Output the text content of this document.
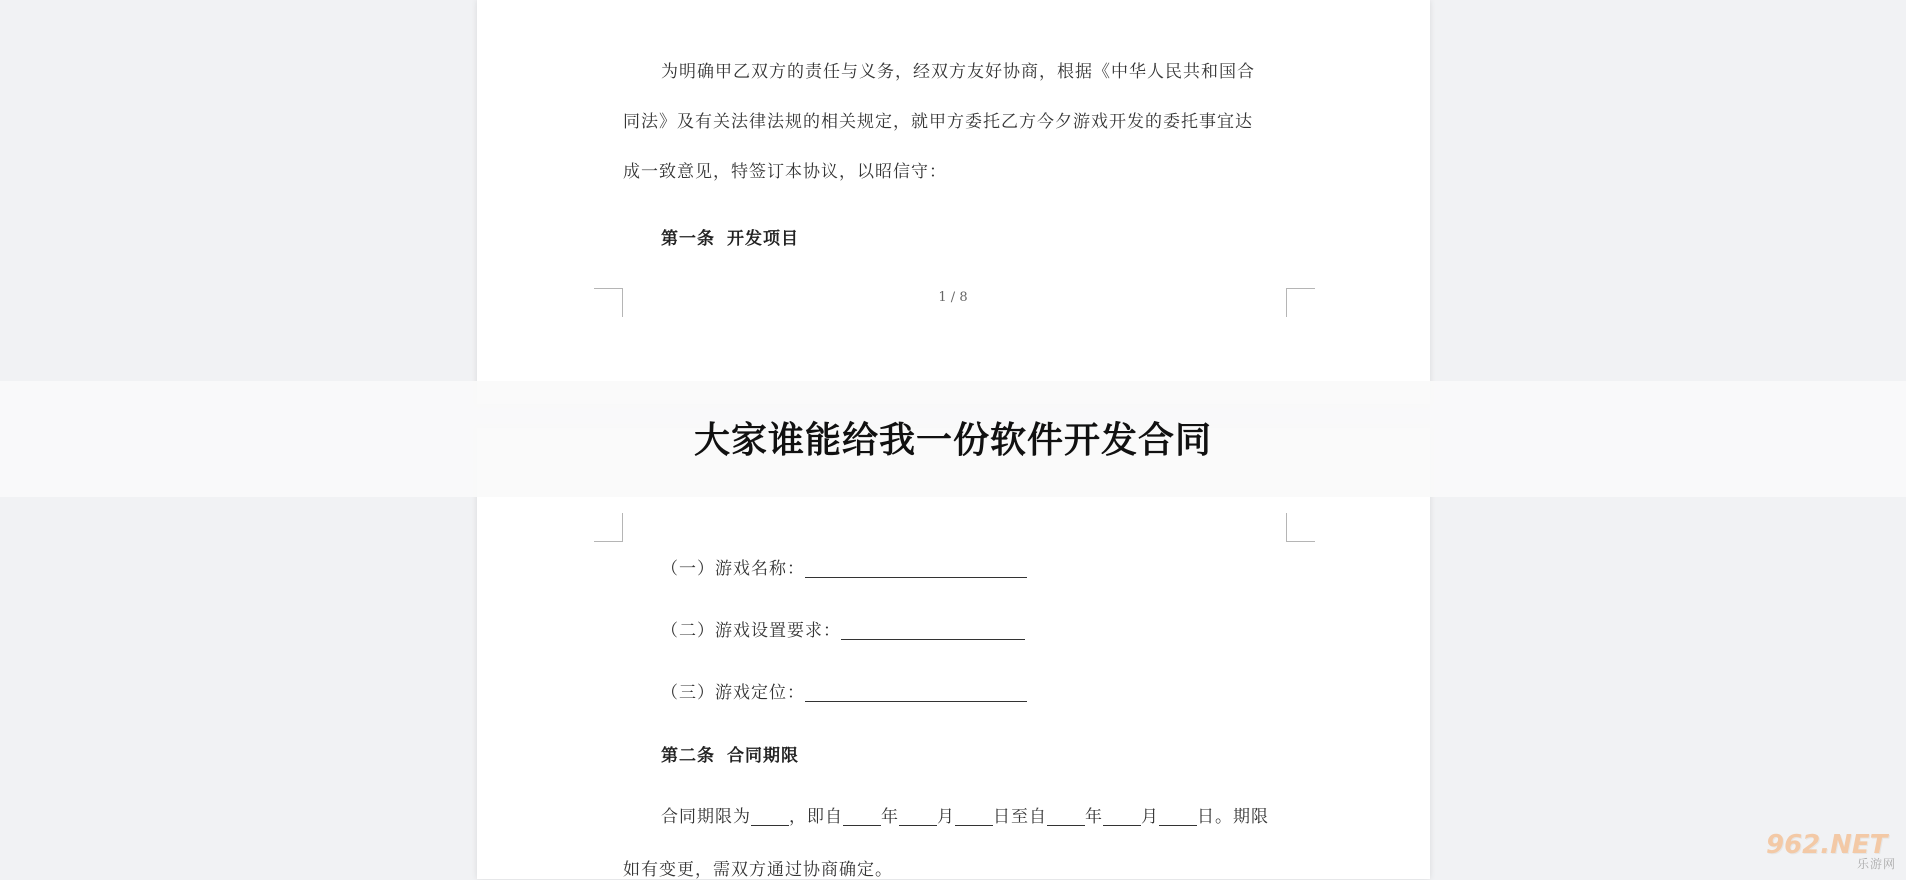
为明确甲乙双方的责任与义务，经双方友好协商，根据《中华人民共和国合

同法》及有关法律法规的相关规定，就甲方委托乙方今夕游戏开发的委托事宜达

成一致意见，特签订本协议，以昭信守：

第一条 开发项目
1 / 8
（一）游戏名称：
（二）游戏设置要求：
（三）游戏定位：
第二条 合同期限
合同期限为 ，即自 年 月 日至自 年 月 日。期限
如有变更，需双方通过协商确定。
大家谁能给我一份软件开发合同
962.NET
乐游网
